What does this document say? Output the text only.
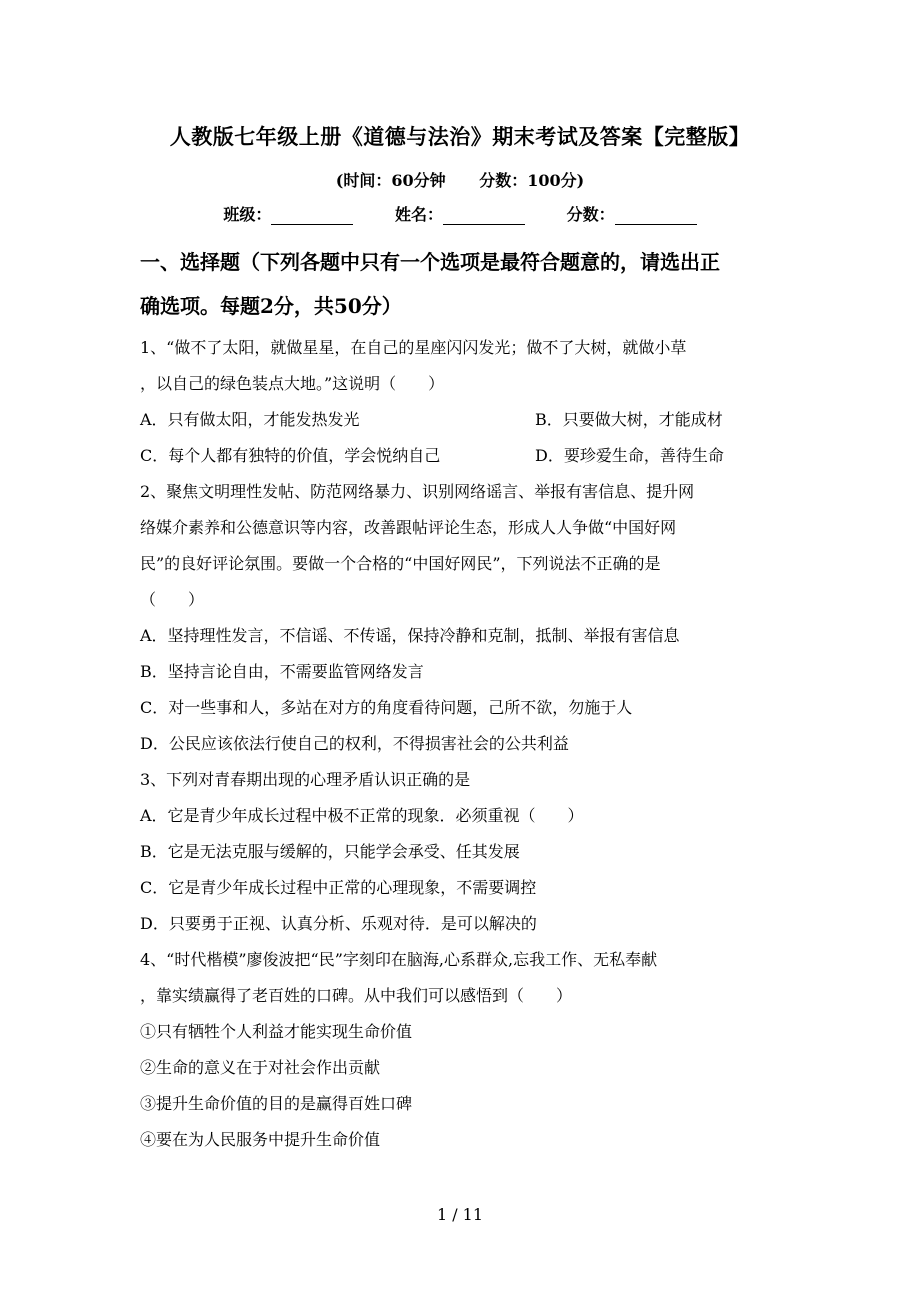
人教版七年级上册《道德与法治》期末考试及答案【完整版】
(时间：60分钟 分数：100分)
班级：	姓名：	分数：
一、选择题（下列各题中只有一个选项是最符合题意的，请选出正
确选项。每题2分，共50分）
1、“做不了太阳，就做星星，在自己的星座闪闪发光；做不了大树，就做小草
，以自己的绿色装点大地。”这说明（　　）
A．只有做太阳，才能发热发光	B．只要做大树，才能成材
C．每个人都有独特的价值，学会悦纳自己	D．要珍爱生命，善待生命
2、聚焦文明理性发帖、防范网络暴力、识别网络谣言、举报有害信息、提升网
络媒介素养和公德意识等内容，改善跟帖评论生态，形成人人争做“中国好网
民”的良好评论氛围。要做一个合格的“中国好网民”，下列说法不正确的是
（　　）
A．坚持理性发言，不信谣、不传谣，保持冷静和克制，抵制、举报有害信息
B．坚持言论自由，不需要监管网络发言
C．对一些事和人，多站在对方的角度看待问题，己所不欲，勿施于人
D．公民应该依法行使自己的权利，不得损害社会的公共利益
3、下列对青春期出现的心理矛盾认识正确的是
A．它是青少年成长过程中极不正常的现象．必须重视（　　）
B．它是无法克服与缓解的，只能学会承受、任其发展
C．它是青少年成长过程中正常的心理现象，不需要调控
D．只要勇于正视、认真分析、乐观对待．是可以解决的
4、“时代楷模”廖俊波把“民”字刻印在脑海,心系群众,忘我工作、无私奉献
，靠实绩赢得了老百姓的口碑。从中我们可以感悟到（　　）
①只有牺牲个人利益才能实现生命价值
②生命的意义在于对社会作出贡献
③提升生命价值的目的是赢得百姓口碑
④要在为人民服务中提升生命价值
1 / 11
